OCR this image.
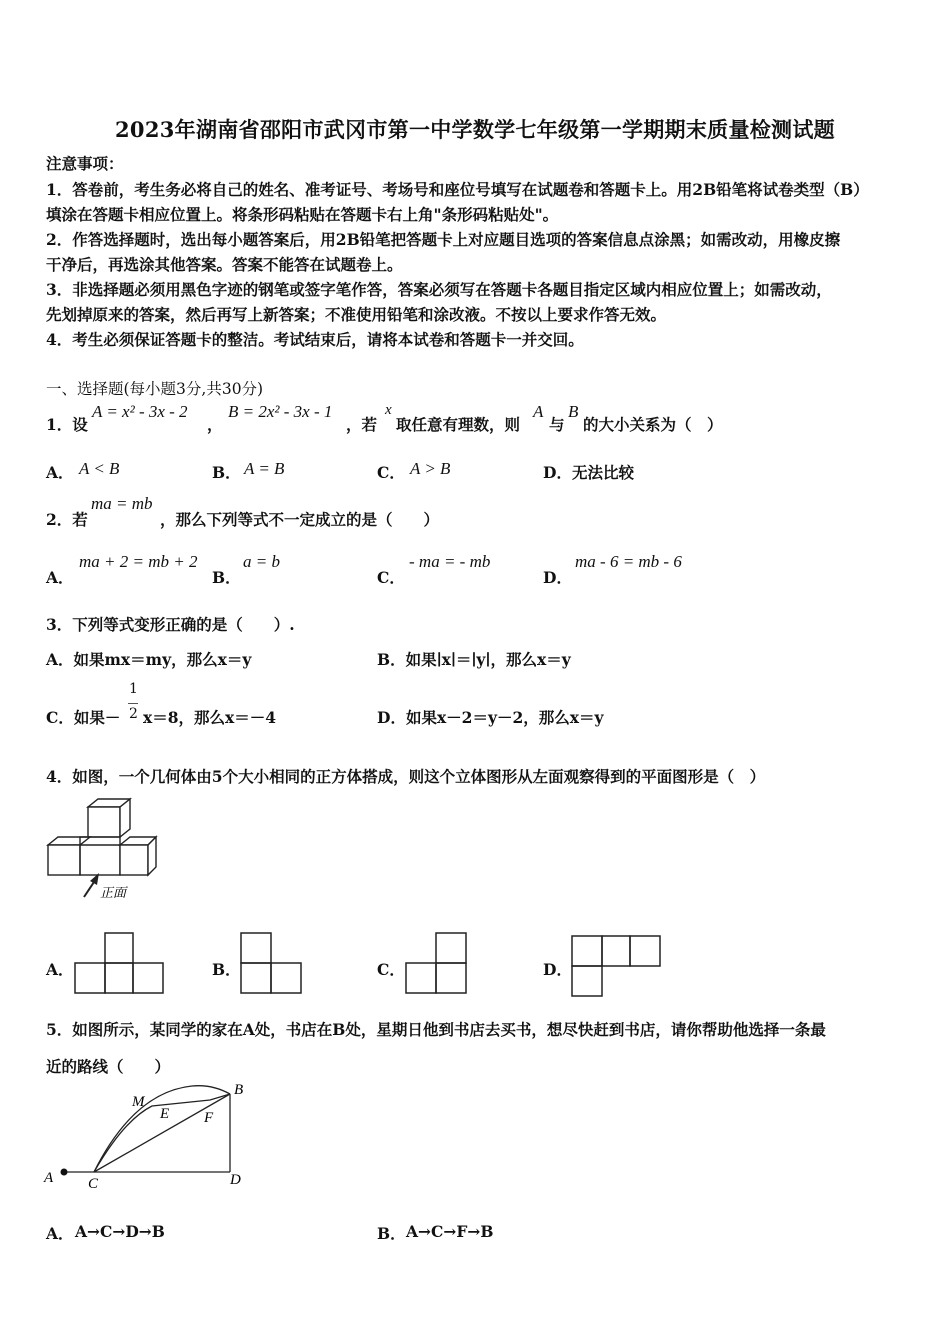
2023年湖南省邵阳市武冈市第一中学数学七年级第一学期期末质量检测试题
注意事项：
1．答卷前，考生务必将自己的姓名、准考证号、考场号和座位号填写在试题卷和答题卡上。用2B铅笔将试卷类型（B）
填涂在答题卡相应位置上。将条形码粘贴在答题卡右上角"条形码粘贴处"。
2．作答选择题时，选出每小题答案后，用2B铅笔把答题卡上对应题目选项的答案信息点涂黑；如需改动，用橡皮擦
干净后，再选涂其他答案。答案不能答在试题卷上。
3．非选择题必须用黑色字迹的钢笔或签字笔作答，答案必须写在答题卡各题目指定区域内相应位置上；如需改动，
先划掉原来的答案，然后再写上新答案；不准使用铅笔和涂改液。不按以上要求作答无效。
4．考生必须保证答题卡的整洁。考试结束后，请将本试卷和答题卡一并交回。
一、选择题(每小题3分,共30分)
1．设
A = x² - 3x - 2
，
B = 2x² - 3x - 1
，若
x
取任意有理数，则
A
与
B
的大小关系为（　）
A． A < B	B． A = B	C． A > B	D． 无法比较
2．若
ma = mb
，那么下列等式不一定成立的是（　　）
A．
ma + 2 = mb + 2
B．
a = b
C．
- ma = - mb
D．
ma - 6 = mb - 6
3．下列等式变形正确的是（　　）.
A．如果mx＝my，那么x＝y	B．如果∣x∣＝∣y∣，那么x＝y
C．如果－
1
2 x＝8，那么x＝－4	D．如果x－2＝y－2，那么x＝y
4．如图，一个几何体由5个大小相同的正方体搭成，则这个立体图形从左面观察得到的平面图形是（　）
正面
A．	B．	C．	D．
5．如图所示，某同学的家在A处，书店在B处，星期日他到书店去买书，想尽快赶到书店，请你帮助他选择一条最
近的路线（　　）
A C
M
E F
B
D
A． A→C→D→B	B． A→C→F→B
